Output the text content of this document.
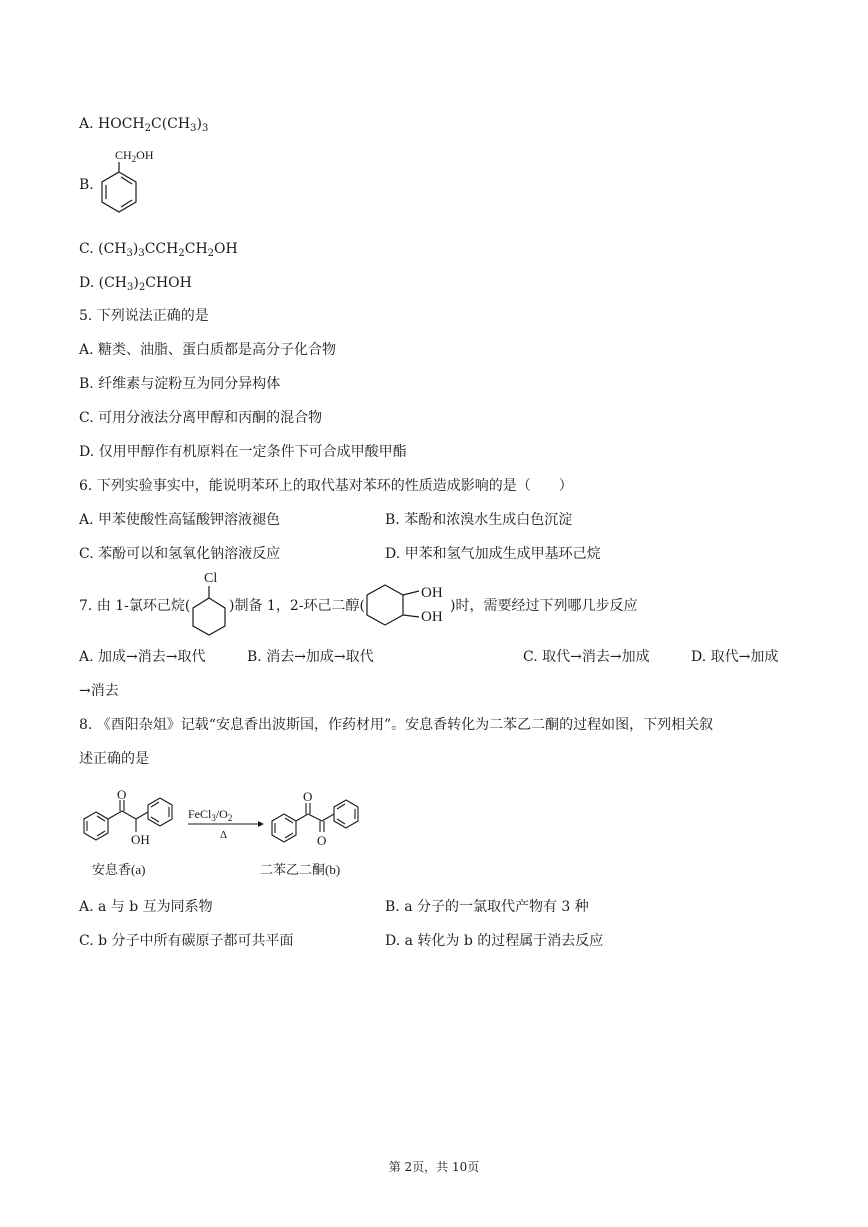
A. $HOCH_2C(CH_3)_3$
B.
$CH_2OH$
C. $(CH_3)_3CCH_2CH_2OH$
D. $(CH_3)_2CHOH$
5. 下列说法正确的是
A. 糖类、油脂、蛋白质都是高分子化合物
B. 纤维素与淀粉互为同分异构体
C. 可用分液法分离甲醇和丙酮的混合物
D. 仅用甲醇作有机原料在一定条件下可合成甲酸甲酯
6. 下列实验事实中，能说明苯环上的取代基对苯环的性质造成影响的是（　　）
A. 甲苯使酸性高锰酸钾溶液褪色	B. 苯酚和浓溴水生成白色沉淀
C. 苯酚可以和氢氧化钠溶液反应	D. 甲苯和氢气加成生成甲基环己烷
7. 由 1-氯环己烷(
Cl
)制备 1，2-环己二醇(
OH
OH
)时，需要经过下列哪几步反应
A. 加成→消去→取代	B. 消去→加成→取代	C. 取代→消去→加成	D. 取代→加成
→消去
8. 《酉阳杂俎》记载“安息香出波斯国，作药材用”。安息香转化为二苯乙二酮的过程如图，下列相关叙
述正确的是
O
OH
安息香(a)
$FeCl_3/O_2$
Δ
O
O
二苯乙二酮(b)
A. a 与 b 互为同系物	B. a 分子的一氯取代产物有 3 种
C. b 分子中所有碳原子都可共平面	D. a 转化为 b 的过程属于消去反应
第 2页，共 10页
